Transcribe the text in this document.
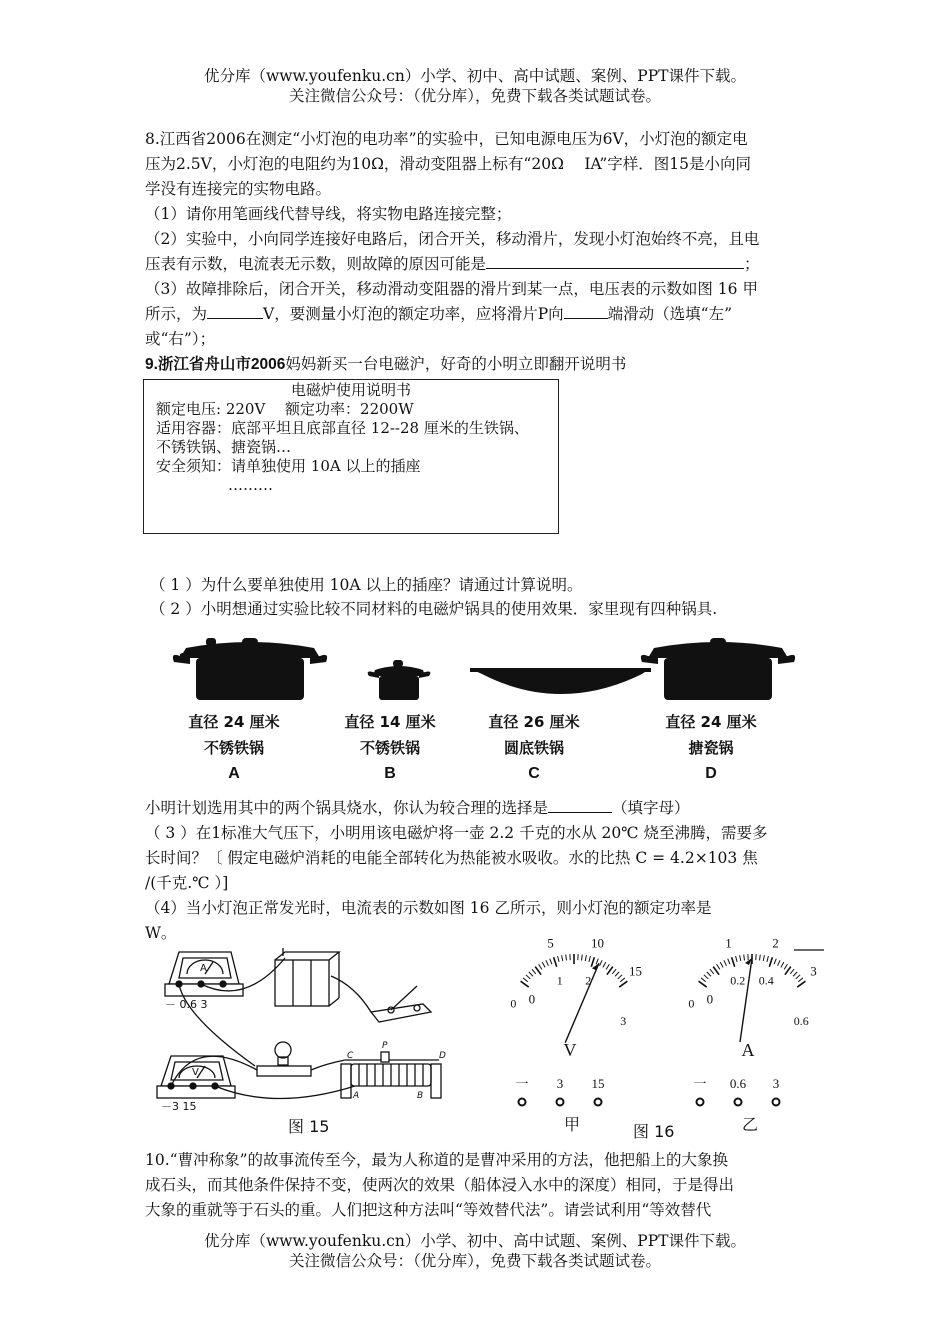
优分库（www.youfenku.cn）小学、初中、高中试题、案例、PPT课件下载。
关注微信公众号：（优分库），免费下载各类试题试卷。
8.江西省2006在测定“小灯泡的电功率”的实验中，已知电源电压为6V，小灯泡的额定电
压为2.5V，小灯泡的电阻约为10Ω，滑动变阻器上标有“20Ω　 IA”字样．图15是小向同
学没有连接完的实物电路。
（1）请你用笔画线代替导线，将实物电路连接完整；
（2）实验中，小向同学连接好电路后，闭合开关，移动滑片，发现小灯泡始终不亮，且电
压表有示数，电流表无示数，则故障的原因可能是	；
（3）故障排除后，闭合开关，移动滑动变阻器的滑片到某一点，电压表的示数如图 16 甲
所示，为	V，要测量小灯泡的额定功率，应将滑片P向	端滑动（选填“左”
或“右”）；
9.浙江省舟山市2006妈妈新买一台电磁沪，好奇的小明立即翻开说明书
电磁炉使用说明书
额定电压: 220V　 额定功率：2200W
适用容器：底部平坦且底部直径 12--28 厘米的生铁锅、
不锈铁锅、搪瓷锅…
安全须知：请单独使用 10A 以上的插座
………
（ 1 ）为什么要单独使用 10A 以上的插座？请通过计算说明。
（ 2 ）小明想通过实验比较不同材料的电磁炉锅具的使用效果．家里现有四种锅具.
直径 24 厘米
不锈铁锅
A
直径 14 厘米
不锈铁锅
B
直径 26 厘米
圆底铁锅
C
直径 24 厘米
搪瓷锅
D
小明计划选用其中的两个锅具烧水，你认为较合理的选择是	（填字母）
（ 3 ）在1标准大气压下，小明用该电磁炉将一壶 2.2 千克的水从 20℃ 烧至沸腾，需要多
长时间？〔 假定电磁炉消耗的电能全部转化为热能被水吸收。水的比热 C = 4.2×103 焦
/(千克.℃ ）]
（4）当小灯泡正常发光时，电流表的示数如图 16 乙所示，则小灯泡的额定功率是
W。
－ 0.6 3
－3 15
A
V
C
P
D
A	B
图 15
0
5	10
15
1 2
3
0
V
一 3 15
甲
0
1	2
3
0.2 0.4
0.6
0
A
一 0.6 3
乙
图 16
10.“曹冲称象”的故事流传至今，最为人称道的是曹冲采用的方法，他把船上的大象换
成石头，而其他条件保持不变，使两次的效果（船体浸入水中的深度）相同，于是得出
大象的重就等于石头的重。人们把这种方法叫“等效替代法”。请尝试利用“等效替代
优分库（www.youfenku.cn）小学、初中、高中试题、案例、PPT课件下载。
关注微信公众号：（优分库），免费下载各类试题试卷。
